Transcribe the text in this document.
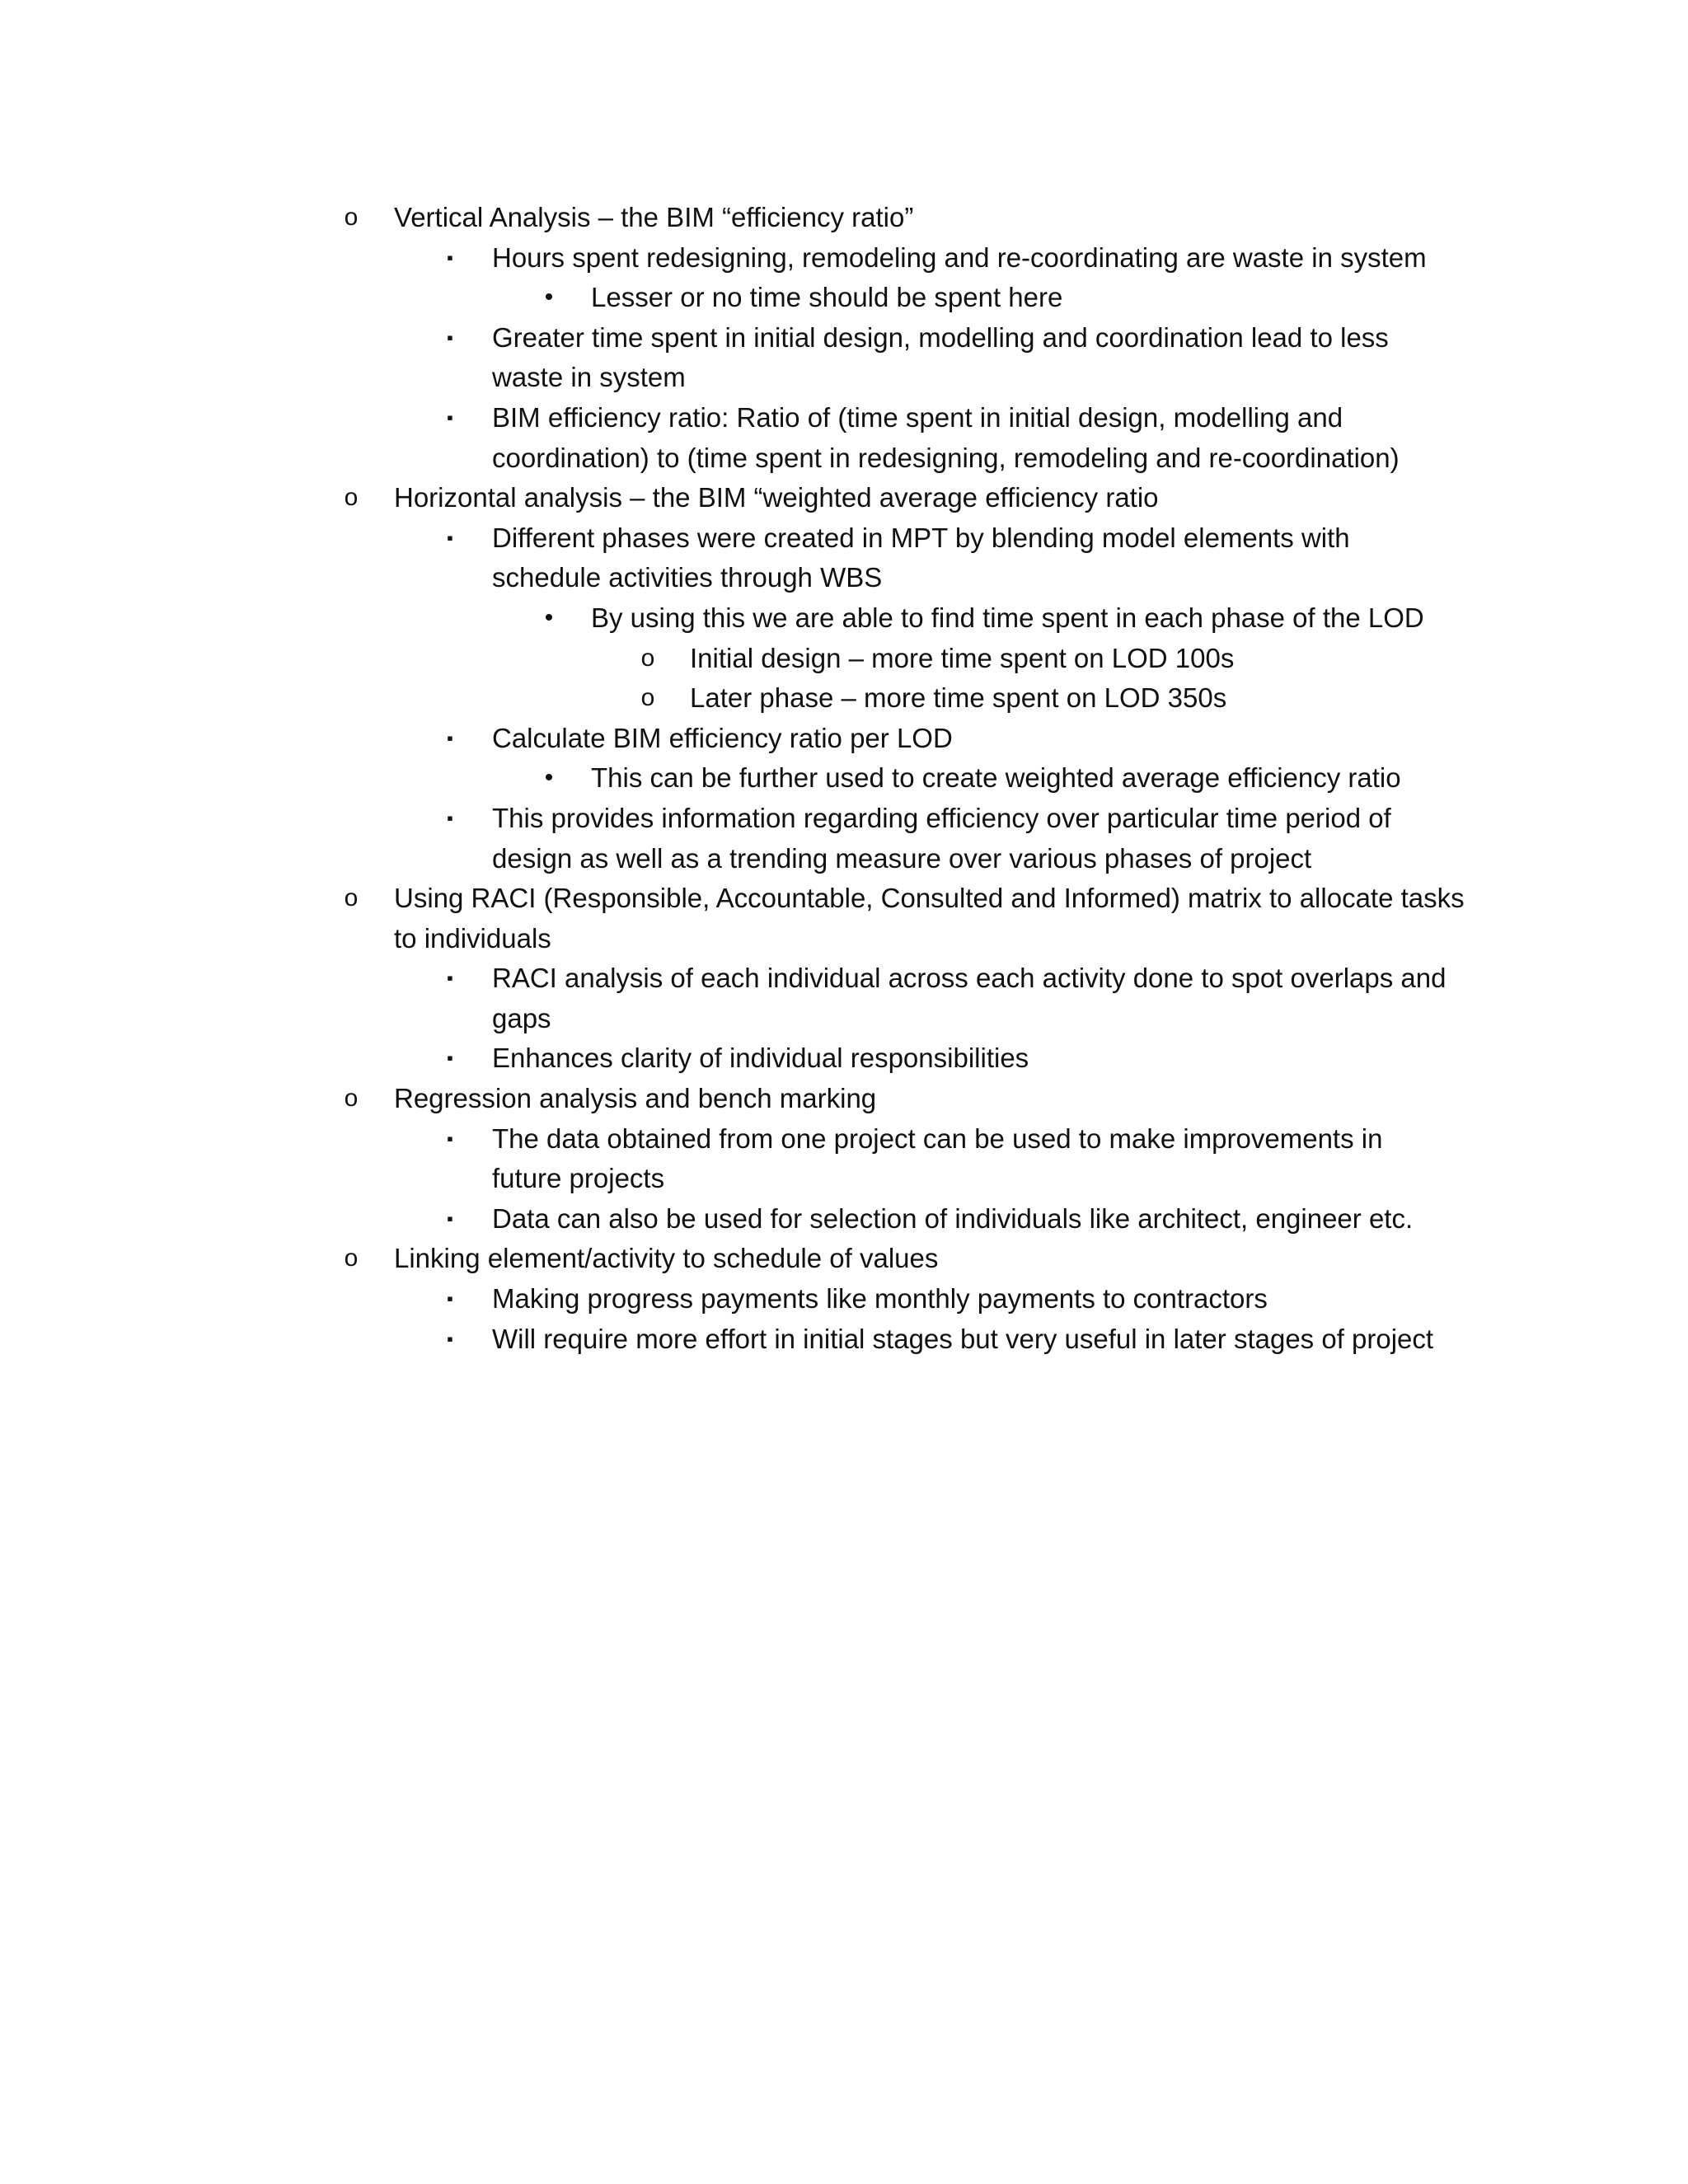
o Vertical Analysis – the BIM “efficiency ratio”
▪	Hours spent redesigning, remodeling and re-coordinating are waste in system
• Lesser or no time should be spent here
▪	Greater time spent in initial design, modelling and coordination lead to less
waste in system
▪	BIM efficiency ratio: Ratio of (time spent in initial design, modelling and
coordination) to (time spent in redesigning, remodeling and re-coordination)
o Horizontal analysis – the BIM “weighted average efficiency ratio
▪	Different phases were created in MPT by blending model elements with
schedule activities through WBS
• By using this we are able to find time spent in each phase of the LOD
o Initial design – more time spent on LOD 100s
o Later phase – more time spent on LOD 350s
▪	Calculate BIM efficiency ratio per LOD
• This can be further used to create weighted average efficiency ratio
▪	This provides information regarding efficiency over particular time period of
design as well as a trending measure over various phases of project
o Using RACI (Responsible, Accountable, Consulted and Informed) matrix to allocate tasks
to individuals
▪	RACI analysis of each individual across each activity done to spot overlaps and
gaps
▪	Enhances clarity of individual responsibilities
o Regression analysis and bench marking
▪	The data obtained from one project can be used to make improvements in
future projects
▪	Data can also be used for selection of individuals like architect, engineer etc.
o Linking element/activity to schedule of values
▪	Making progress payments like monthly payments to contractors
▪	Will require more effort in initial stages but very useful in later stages of project
